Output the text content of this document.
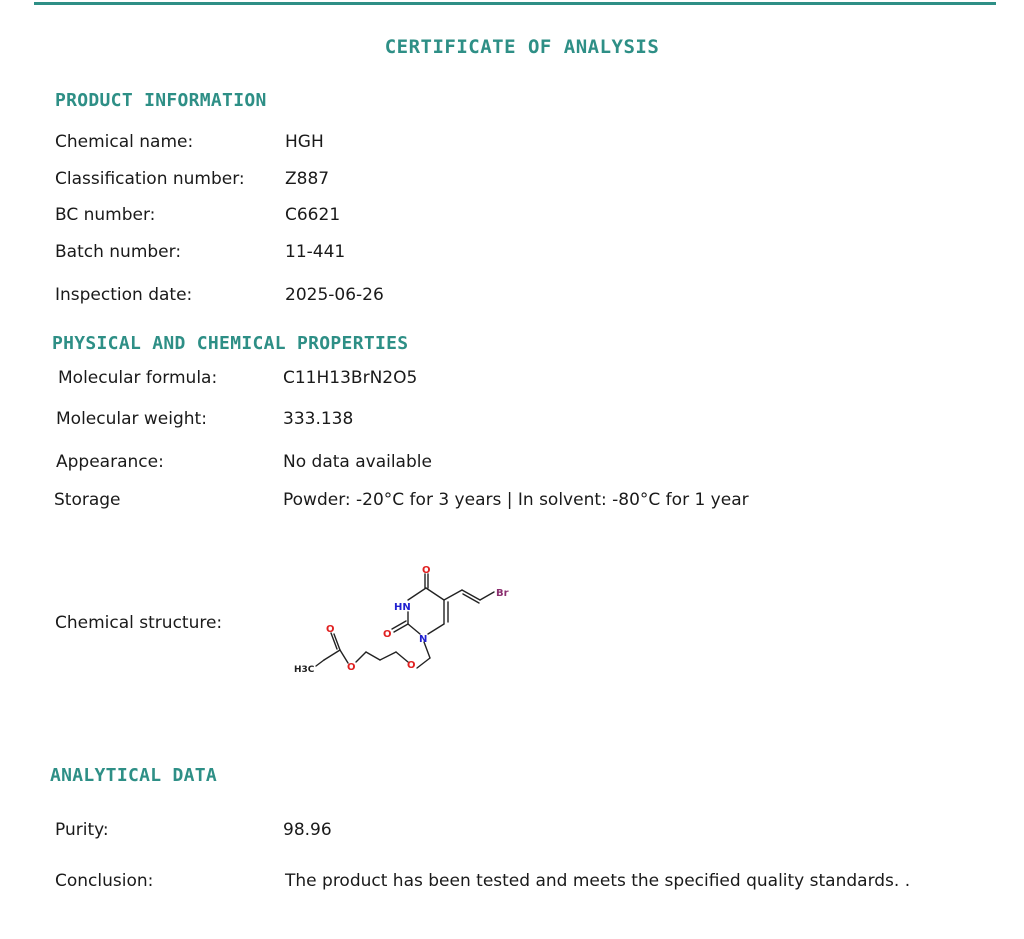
CERTIFICATE OF ANALYSIS
PRODUCT INFORMATION
Chemical name:	HGH
Classification number: Z887
BC number:	C6621
Batch number:	11-441
Inspection date:	2025-06-26
PHYSICAL AND CHEMICAL PROPERTIES
Molecular formula:	C11H13BrN2O5
Molecular weight:	333.138
Appearance:	No data available
Storage	Powder: -20°C for 3 years | In solvent: -80°C for 1 year
Chemical structure:
O
HN
Br
O	N
O
O
O
H3C
ANALYTICAL DATA
Purity:	98.96
Conclusion:	The product has been tested and meets the specified quality standards. .
